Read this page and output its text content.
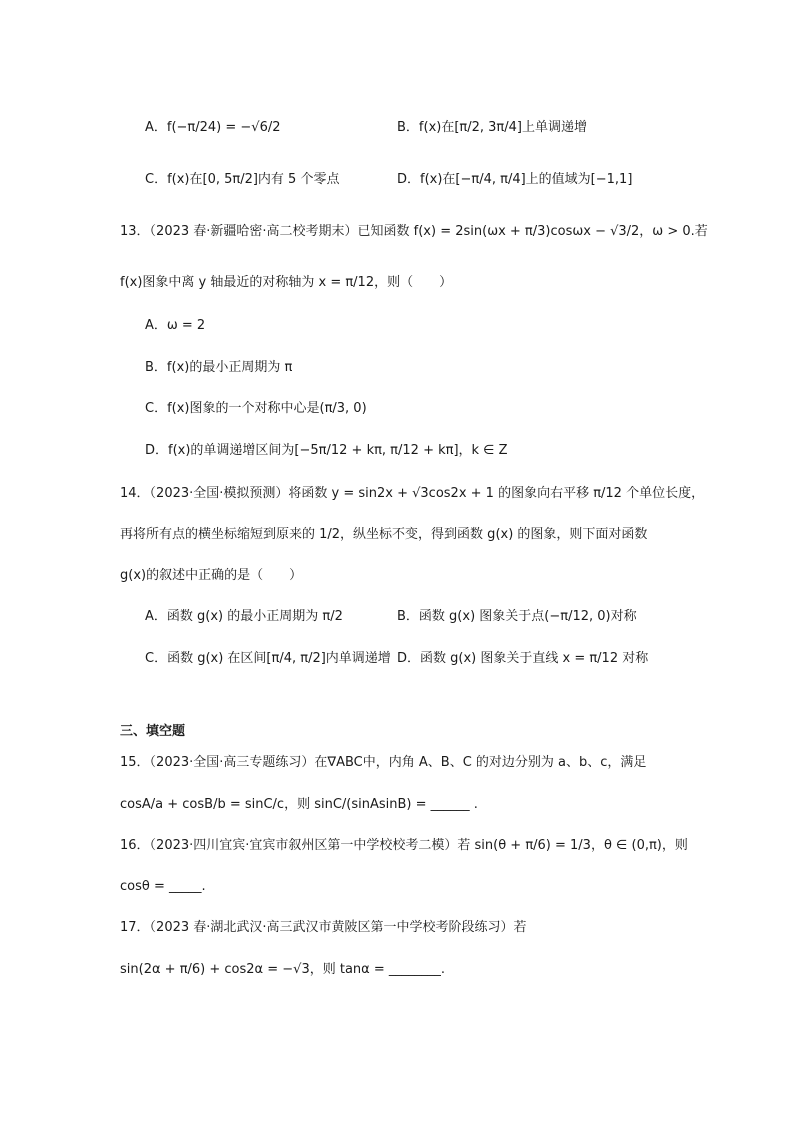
A．f(−π/24) = −√6/2	B．f(x)在[π/2, 3π/4]上单调递增
C．f(x)在[0, 5π/2]内有 5 个零点	D．f(x)在[−π/4, π/4]上的值域为[−1,1]
13．（2023 春·新疆哈密·高二校考期末）已知函数 f(x) = 2sin(ωx + π/3)cosωx − √3/2，ω > 0.若
f(x)图象中离 y 轴最近的对称轴为 x = π/12，则（　　）
A．ω = 2
B．f(x)的最小正周期为 π
C．f(x)图象的一个对称中心是(π/3, 0)
D．f(x)的单调递增区间为[−5π/12 + kπ, π/12 + kπ]，k ∈ Z
14．（2023·全国·模拟预测）将函数 y = sin2x + √3cos2x + 1 的图象向右平移 π/12 个单位长度，
再将所有点的横坐标缩短到原来的 1/2，纵坐标不变，得到函数 g(x) 的图象，则下面对函数
g(x)的叙述中正确的是（　　）
A．函数 g(x) 的最小正周期为 π/2	B．函数 g(x) 图象关于点(−π/12, 0)对称
C．函数 g(x) 在区间[π/4, π/2]内单调递增 D．函数 g(x) 图象关于直线 x = π/12 对称
三、填空题
15．（2023·全国·高三专题练习）在∇ABC中，内角 A、B、C 的对边分别为 a、b、c，满足
cosA/a + cosB/b = sinC/c，则 sinC/(sinAsinB) = ______ .
16．（2023·四川宜宾·宜宾市叙州区第一中学校校考二模）若 sin(θ + π/6) = 1/3，θ ∈ (0,π)，则
cosθ = _____.
17．（2023 春·湖北武汉·高三武汉市黄陂区第一中学校考阶段练习）若
sin(2α + π/6) + cos2α = −√3，则 tanα = ________.
